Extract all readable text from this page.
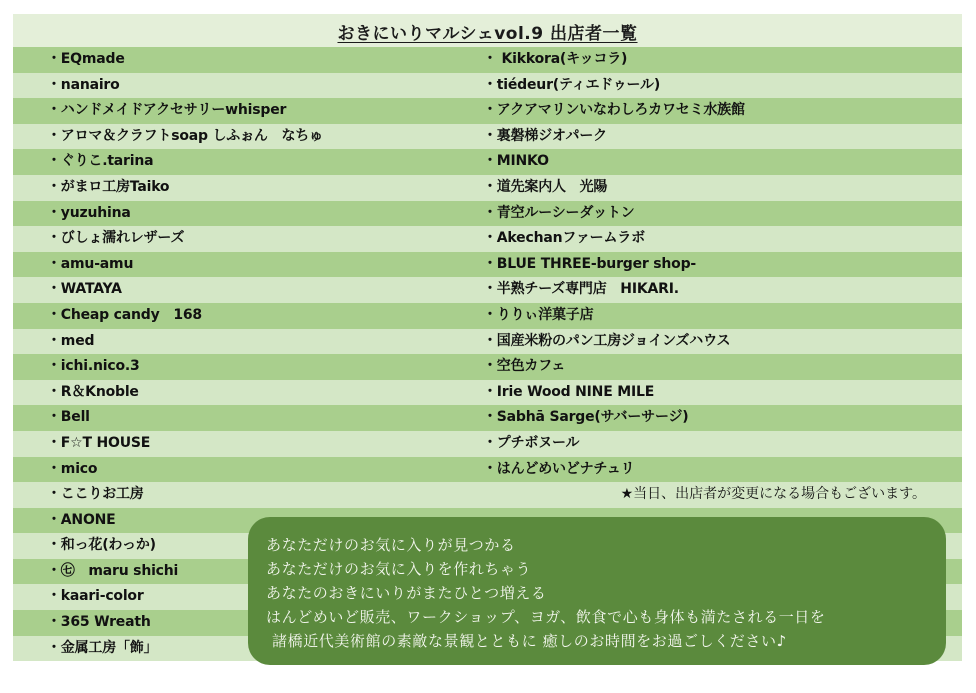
おきにいりマルシェvol.9 出店者一覧
・EQmade	・ Kikkora(キッコラ)
・nanairo	・tiédeur(ティエドゥール)
・ハンドメイドアクセサリーwhisper	・アクアマリンいなわしろカワセミ水族館
・アロマ＆クラフトsoap しふぉん　なちゅ	・裏磐梯ジオパーク
・ぐりこ.tarina	・MINKO
・がまロ工房Taiko	・道先案内人　光陽
・yuzuhina	・青空ルーシーダットン
・びしょ濡れレザーズ	・Akechanファームラボ
・amu-amu	・BLUE THREE-burger shop-
・WATAYA	・半熟チーズ専門店　HIKARI.
・Cheap candy　168	・りりぃ洋菓子店
・med	・国産米粉のパン工房ジョインズハウス
・ichi.nico.3	・空色カフェ
・R＆Knoble	・Irie Wood NINE MILE
・Bell	・Sabhā Sarge(サバーサージ)
・F☆T HOUSE	・プチボヌール
・mico	・はんどめいどナチュリ
・ここりお工房	★当日、出店者が変更になる場合もございます。
・ANONE
・和っ花(わっか)
・㊆　maru shichi
・kaari-color
・365 Wreath
・金属工房「飾」
あなただけのお気に入りが見つかる
あなただけのお気に入りを作れちゃう
あなたのおきにいりがまたひとつ増える
はんどめいど販売、ワークショップ、ヨガ、飲食で心も身体も満たされる一日を
諸橋近代美術館の素敵な景観とともに 癒しのお時間をお過ごしください♪
